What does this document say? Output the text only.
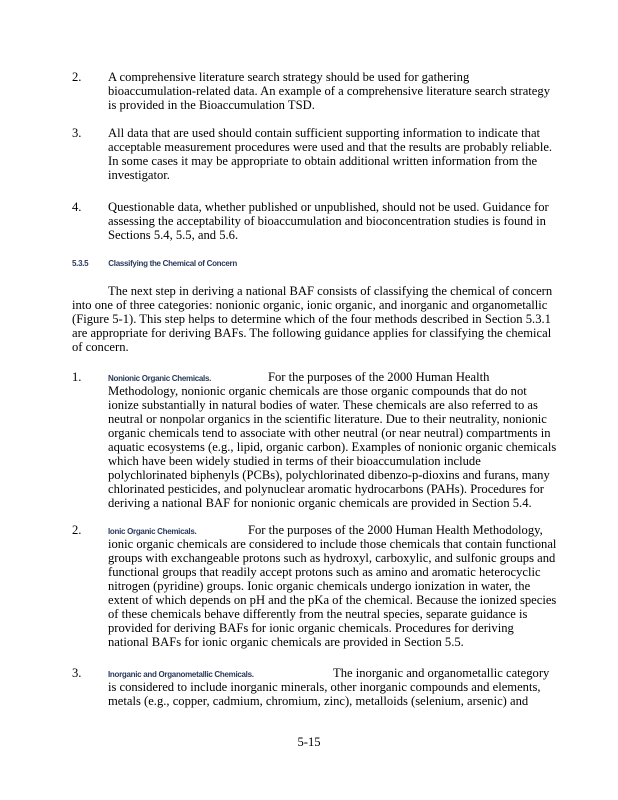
5.3.5	Classifying the Chemical of Concern
The next step in deriving a national BAF consists of classifying the chemical of concern
into one of three categories: nonionic organic, ionic organic, and inorganic and organometallic
(Figure 5-1). This step helps to determine which of the four methods described in Section 5.3.1
are appropriate for deriving BAFs. The following guidance applies for classifying the chemical
of concern.
5-15
2. A comprehensive literature search strategy should be used for gathering
bioaccumulation-related data. An example of a comprehensive literature search strategy
is provided in the Bioaccumulation TSD.
3. All data that are used should contain sufficient supporting information to indicate that
acceptable measurement procedures were used and that the results are probably reliable.
In some cases it may be appropriate to obtain additional written information from the
investigator.
4. Questionable data, whether published or unpublished, should not be used. Guidance for
assessing the acceptability of bioaccumulation and bioconcentration studies is found in
Sections 5.4, 5.5, and 5.6.
1.	Nonionic Organic Chemicals.	For the purposes of the 2000 Human Health
Methodology, nonionic organic chemicals are those organic compounds that do not
ionize substantially in natural bodies of water. These chemicals are also referred to as
neutral or nonpolar organics in the scientific literature. Due to their neutrality, nonionic
organic chemicals tend to associate with other neutral (or near neutral) compartments in
aquatic ecosystems (e.g., lipid, organic carbon). Examples of nonionic organic chemicals
which have been widely studied in terms of their bioaccumulation include
polychlorinated biphenyls (PCBs), polychlorinated dibenzo-p-dioxins and furans, many
chlorinated pesticides, and polynuclear aromatic hydrocarbons (PAHs). Procedures for
deriving a national BAF for nonionic organic chemicals are provided in Section 5.4.
2.	Ionic Organic Chemicals.	For the purposes of the 2000 Human Health Methodology,
ionic organic chemicals are considered to include those chemicals that contain functional
groups with exchangeable protons such as hydroxyl, carboxylic, and sulfonic groups and
functional groups that readily accept protons such as amino and aromatic heterocyclic
nitrogen (pyridine) groups. Ionic organic chemicals undergo ionization in water, the
extent of which depends on pH and the pKa of the chemical. Because the ionized species
of these chemicals behave differently from the neutral species, separate guidance is
provided for deriving BAFs for ionic organic chemicals. Procedures for deriving
national BAFs for ionic organic chemicals are provided in Section 5.5.
3.	Inorganic and Organometallic Chemicals.	The inorganic and organometallic category
is considered to include inorganic minerals, other inorganic compounds and elements,
metals (e.g., copper, cadmium, chromium, zinc), metalloids (selenium, arsenic) and
